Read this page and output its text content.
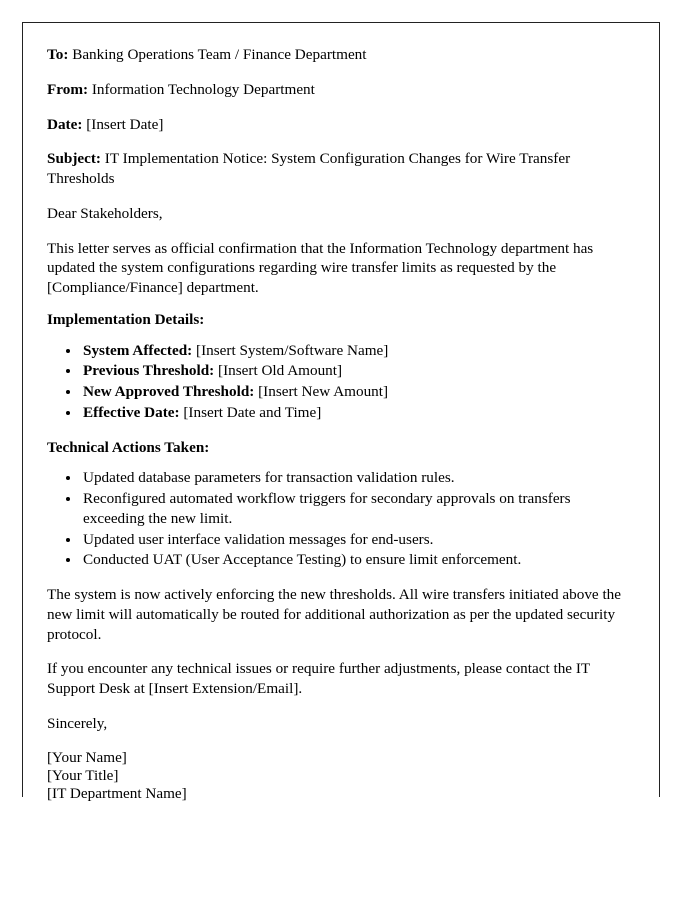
To: Banking Operations Team / Finance Department

From: Information Technology Department

Date: [Insert Date]

Subject: IT Implementation Notice: System Configuration Changes for Wire Transfer Thresholds

Dear Stakeholders,

This letter serves as official confirmation that the Information Technology department has updated the system configurations regarding wire transfer limits as requested by the [Compliance/Finance] department.

Implementation Details:

• System Affected: [Insert System/Software Name]
• Previous Threshold: [Insert Old Amount]
• New Approved Threshold: [Insert New Amount]
• Effective Date: [Insert Date and Time]

Technical Actions Taken:

• Updated database parameters for transaction validation rules.
• Reconfigured automated workflow triggers for secondary approvals on transfers exceeding the new limit.
• Updated user interface validation messages for end-users.
• Conducted UAT (User Acceptance Testing) to ensure limit enforcement.

The system is now actively enforcing the new thresholds. All wire transfers initiated above the new limit will automatically be routed for additional authorization as per the updated security protocol.

If you encounter any technical issues or require further adjustments, please contact the IT Support Desk at [Insert Extension/Email].

Sincerely,

[Your Name]
[Your Title]
[IT Department Name]
